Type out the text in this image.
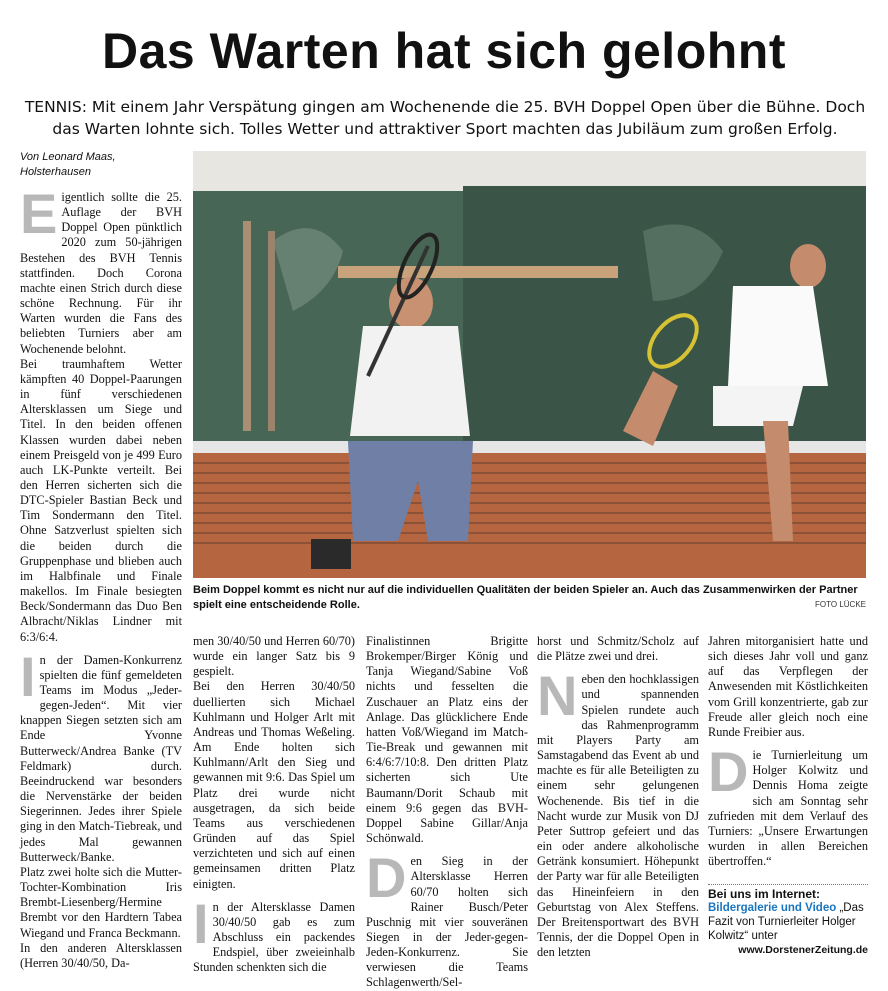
Das Warten hat sich gelohnt
TENNIS: Mit einem Jahr Verspätung gingen am Wochenende die 25. BVH Doppel Open über die Bühne. Doch das Warten lohnte sich. Tolles Wetter und attraktiver Sport machten das Jubiläum zum großen Erfolg.
Von Leonard Maas,
Holsterhausen

Eigentlich sollte die 25. Auflage der BVH Doppel Open pünktlich 2020 zum 50-jährigen Bestehen des BVH Tennis stattfinden. Doch Corona machte einen Strich durch diese schöne Rechnung. Für ihr Warten wurden die Fans des beliebten Turniers aber am Wochenende belohnt.

Bei traumhaftem Wetter kämpften 40 Doppel-Paarungen in fünf verschiedenen Altersklassen um Siege und Titel. In den beiden offenen Klassen wurden dabei neben einem Preisgeld von je 499 Euro auch LK-Punkte verteilt. Bei den Herren sicherten sich die DTC-Spieler Bastian Beck und Tim Sondermann den Titel. Ohne Satzverlust spielten sich die beiden durch die Gruppenphase und blieben auch im Halbfinale und Finale makellos. Im Finale besiegten Beck/Sondermann das Duo Ben Albracht/Niklas Lindner mit 6:3/6:4.

In der Damen-Konkurrenz spielten die fünf gemeldeten Teams im Modus „Jeder-gegen-Jeden“. Mit vier knappen Siegen setzten sich am Ende Yvonne Butterweck/Andrea Banke (TV Feldmark) durch. Beeindruckend war besonders die Nervenstärke der beiden Siegerinnen. Jedes ihrer Spiele ging in den Match-Tiebreak, und jedes Mal gewannen Butterweck/Banke.

Platz zwei holte sich die Mutter-Tochter-Kombination Iris Brembt-Liesenberg/Hermine Brembt vor den Hardtern Tabea Wiegand und Franca Beckmann.

In den anderen Altersklassen (Herren 30/40/50, Da-

Beim Doppel kommt es nicht nur auf die individuellen Qualitäten der beiden Spieler an. Auch das Zusammenwirken der Partner spielt eine entscheidende Rolle.	FOTO LÜCKE

men 30/40/50 und Herren 60/70) wurde ein langer Satz bis 9 gespielt.

Bei den Herren 30/40/50 duellierten sich Michael Kuhlmann und Holger Arlt mit Andreas und Thomas Weßeling. Am Ende holten sich Kuhlmann/Arlt den Sieg und gewannen mit 9:6. Das Spiel um Platz drei wurde nicht ausgetragen, da sich beide Teams aus verschiedenen Gründen auf das Spiel verzichteten und sich auf einen gemeinsamen dritten Platz einigten.

In der Altersklasse Damen 30/40/50 gab es zum Abschluss ein packendes Endspiel, über zweieinhalb Stunden schenkten sich die

Finalistinnen Brigitte Brokemper/Birger König und Tanja Wiegand/Sabine Voß nichts und fesselten die Zuschauer an Platz eins der Anlage. Das glücklichere Ende hatten Voß/Wiegand im Match-Tie-Break und gewannen mit 6:4/6:7/10:8. Den dritten Platz sicherten sich Ute Baumann/Dorit Schaub mit einem 9:6 gegen das BVH-Doppel Sabine Gillar/Anja Schönwald.

Den Sieg in der Altersklasse Herren 60/70 holten sich Rainer Busch/Peter Puschnig mit vier souveränen Siegen in der Jeder-gegen-Jeden-Konkurrenz. Sie verwiesen die Teams Schlagenwerth/Sel-

horst und Schmitz/Scholz auf die Plätze zwei und drei.

Neben den hochklassigen und spannenden Spielen rundete auch das Rahmenprogramm mit Players Party am Samstagabend das Event ab und machte es für alle Beteiligten zu einem sehr gelungenen Wochenende. Bis tief in die Nacht wurde zur Musik von DJ Peter Suttrop gefeiert und das ein oder andere alkoholische Getränk konsumiert. Höhepunkt der Party war für alle Beteiligten das Hineinfeiern in den Geburtstag von Alex Steffens. Der Breitensportwart des BVH Tennis, der die Doppel Open in den letzten

Jahren mitorganisiert hatte und sich dieses Jahr voll und ganz auf das Verpflegen der Anwesenden mit Köstlichkeiten vom Grill konzentrierte, gab zur Freude aller gleich noch eine Runde Freibier aus.

Die Turnierleitung um Holger Kolwitz und Dennis Homa zeigte sich am Sonntag sehr zufrieden mit dem Verlauf des Turniers: „Unsere Erwartungen wurden in allen Bereichen übertroffen.“

Bei uns im Internet:
Bildergalerie und Video „Das Fazit von Turnierleiter Holger Kolwitz“ unter
www.DorstenerZeitung.de
